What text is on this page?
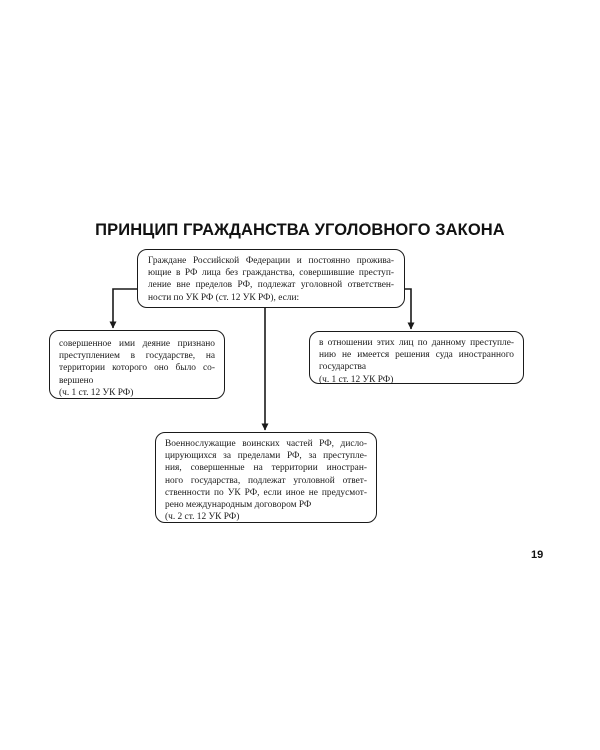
ПРИНЦИП ГРАЖДАНСТВА УГОЛОВНОГО ЗАКОНА

Граждане Российской Федерации и постоянно прожива-

ющие в РФ лица без гражданства, совершившие преступ-

ление вне пределов РФ, подлежат уголовной ответствен-

ности по УК РФ (ст. 12 УК РФ), если:

совершенное ими деяние признано

преступлением в государстве, на

территории которого оно было со-

вершено

(ч. 1 ст. 12 УК РФ)

в отношении этих лиц по данному преступле-

нию не имеется решения суда иностранного

государства

(ч. 1 ст. 12 УК РФ)

Военнослужащие воинских частей РФ, дисло-

цирующихся за пределами РФ, за преступле-

ния, совершенные на территории иностран-

ного государства, подлежат уголовной ответ-

ственности по УК РФ, если иное не предусмот-

рено международным договором РФ

(ч. 2 ст. 12 УК РФ)

19
